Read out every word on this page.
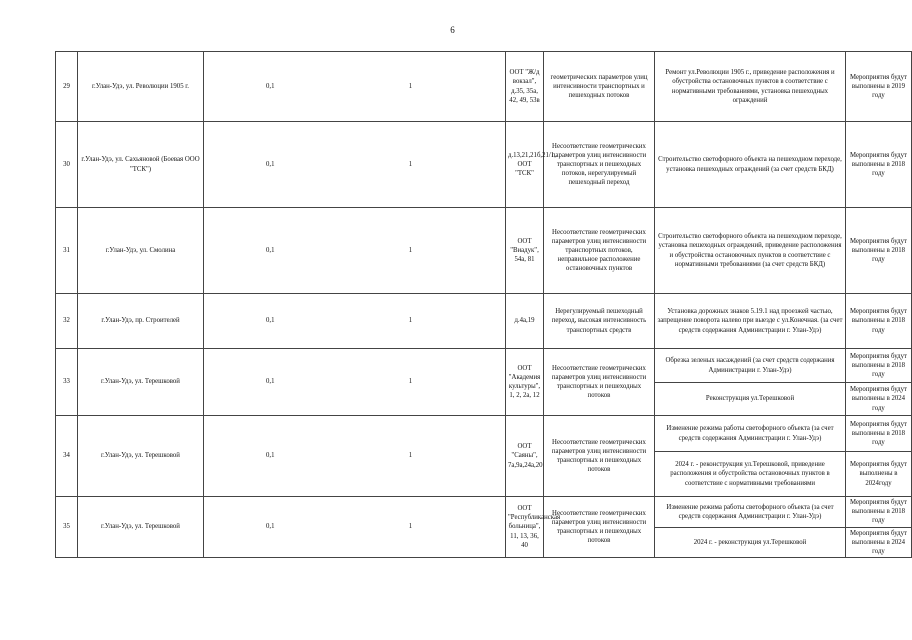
6
29	г.Улан-Удэ, ул. Революции 1905 г.	0,1		1			ООТ "Ж/д вокзал", д.35, 35а, 42, 49, 53в	геометрических параметров улиц интенсивности транспортных и пешеходных потоков	Ремонт ул.Революции 1905 г., приведение расположения и обустройства остановочных пунктов в соответствие с нормативными требованиями, установка пешеходных ограждений	Мероприятия будут выполнены в 2019 году
30	г.Улан-Удэ, ул. Сахьяновой (Боевая ООО "ТСК")	0,1		1			д.13,21,21б,21/1, ООТ "ТСК"	Несоответствие геометрических параметров улиц интенсивности транспортных и пешеходных потоков, нерегулируемый пешеходный переход	Строительство светофорного объекта на пешеходном переходе, установка пешеходных ограждений (за счет средств БКД)	Мероприятия будут выполнены в 2018 году
31	г.Улан-Удэ, ул. Смолина	0,1		1			ООТ "Виадук", 54а, 81	Несоответствие геометрических параметров улиц интенсивности транспортных потоков, неправильное расположение остановочных пунктов	Строительство светофорного объекта на пешеходном переходе, установка пешеходных ограждений, приведение расположения и обустройства остановочных пунктов в соответствие с нормативными требованиями (за счет средств БКД)	Мероприятия будут выполнены в 2018 году
32	г.Улан-Удэ, пр. Строителей	0,1		1			д.4а,19	Нерегулируемый пешеходный переход, высокая интенсивность транспортных средств	Установка дорожных знаков 5.19.1 над проезжей частью, запрещение поворота налево при выезде с ул.Конечная. (за счет средств содержания Администрации г. Улан-Удэ)	Мероприятия будут выполнены в 2018 году
33	г.Улан-Удэ, ул. Терешковой	0,1		1			ООТ "Академия культуры", 1, 2, 2а, 12	Несоответствие геометрических параметров улиц интенсивности транспортных и пешеходных потоков	Обрезка зеленых насаждений (за счет средств содержания Администрации г. Улан-Удэ)	Мероприятия будут выполнены в 2018 году
									Реконструкция ул.Терешковой	Мероприятия будут выполнены в 2024 году
34	г.Улан-Удэ, ул. Терешковой	0,1		1			ООТ "Саяны", 7а,9а,24а,20	Несоответствие геометрических параметров улиц интенсивности транспортных и пешеходных потоков	Изменение режима работы светофорного объекта (за счет средств содержания Администрации г. Улан-Удэ)	Мероприятия будут выполнены в 2018 году
									2024 г. - реконструкция ул.Терешковой, приведение расположения и обустройства остановочных пунктов в соответствие с нормативными требованиями	Мероприятия будут выполнены в 2024году
35	г.Улан-Удэ, ул. Терешковой	0,1		1			ООТ "Республиканская больница", 11, 13, 36, 40	Несоответствие геометрических параметров улиц интенсивности транспортных и пешеходных потоков	Изменение режима работы светофорного объекта (за счет средств содержания Администрации г. Улан-Удэ)	Мероприятия будут выполнены в 2018 году
									2024 г. - реконструкция ул.Терешковой	Мероприятия будут выполнены в 2024 году
